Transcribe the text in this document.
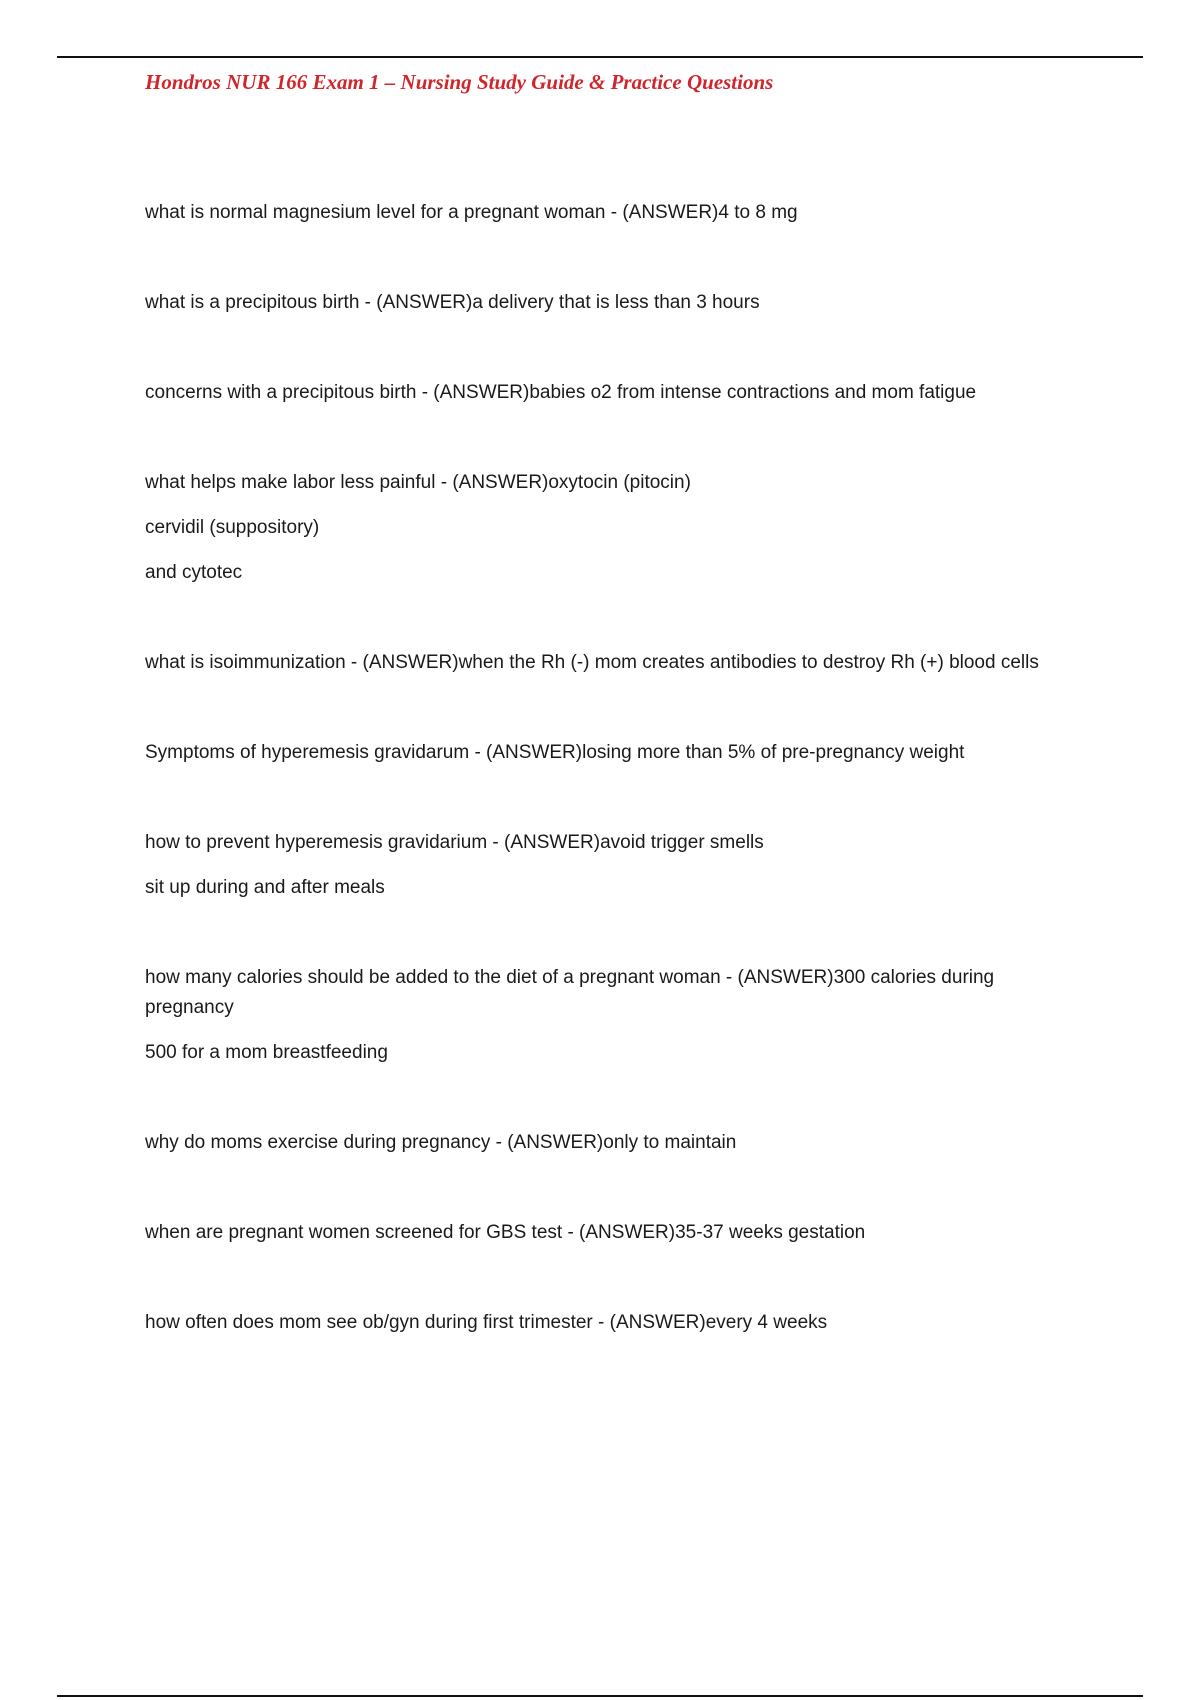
Hondros NUR 166 Exam 1 – Nursing Study Guide & Practice Questions
what is normal magnesium level for a pregnant woman - (ANSWER)4 to 8 mg
what is a precipitous birth - (ANSWER)a delivery that is less than 3 hours
concerns with a precipitous birth - (ANSWER)babies o2 from intense contractions and mom fatigue
what helps make labor less painful - (ANSWER)oxytocin (pitocin)
cervidil (suppository)
and cytotec
what is isoimmunization - (ANSWER)when the Rh (-) mom creates antibodies to destroy Rh (+) blood cells
Symptoms of hyperemesis gravidarum - (ANSWER)losing more than 5% of pre-pregnancy weight
how to prevent hyperemesis gravidarium - (ANSWER)avoid trigger smells
sit up during and after meals
how many calories should be added to the diet of a pregnant woman - (ANSWER)300 calories during pregnancy
500 for a mom breastfeeding
why do moms exercise during pregnancy - (ANSWER)only to maintain
when are pregnant women screened for GBS test - (ANSWER)35-37 weeks gestation
how often does mom see ob/gyn during first trimester - (ANSWER)every 4 weeks
